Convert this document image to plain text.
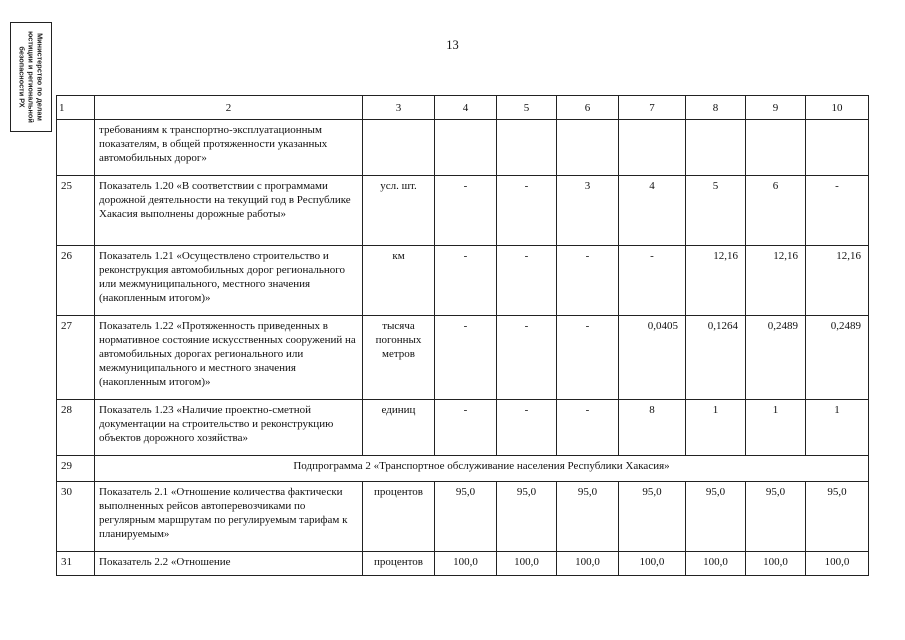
Министерство по делам
юстиции и региональной
безопасности РХ
13
1	2	3	4	5	6	7	8	9	10
	требованиям к транспортно-эксплуатационным показателям, в общей протяженности указанных автомобильных дорог»								
25	Показатель 1.20 «В соответствии с программами дорожной деятельности на текущий год в Республике Хакасия выполнены дорожные работы»	усл. шт.	-	-	3	4	5	6	-
26	Показатель 1.21 «Осуществлено строительство и реконструкция автомобильных дорог регионального или межмуниципального, местного значения (накопленным итогом)»	км	-	-	-	-	12,16	12,16	12,16
27	Показатель 1.22 «Протяженность приведенных в нормативное состояние искусственных сооружений на автомобильных дорогах регионального или межмуниципального и местного значения (накопленным итогом)»	тысяча погонных метров	-	-	-	0,0405	0,1264	0,2489	0,2489
28	Показатель 1.23 «Наличие проектно-сметной документации на строительство и реконструкцию объектов дорожного хозяйства»	единиц	-	-	-	8	1	1	1
29	Подпрограмма 2 «Транспортное обслуживание населения Республики Хакасия»								
30	Показатель 2.1 «Отношение количества фактически выполненных рейсов автоперевозчиками по регулярным маршрутам по регулируемым тарифам к планируемым»	процентов	95,0	95,0	95,0	95,0	95,0	95,0	95,0
31	Показатель 2.2 «Отношение	процентов	100,0	100,0	100,0	100,0	100,0	100,0	100,0
